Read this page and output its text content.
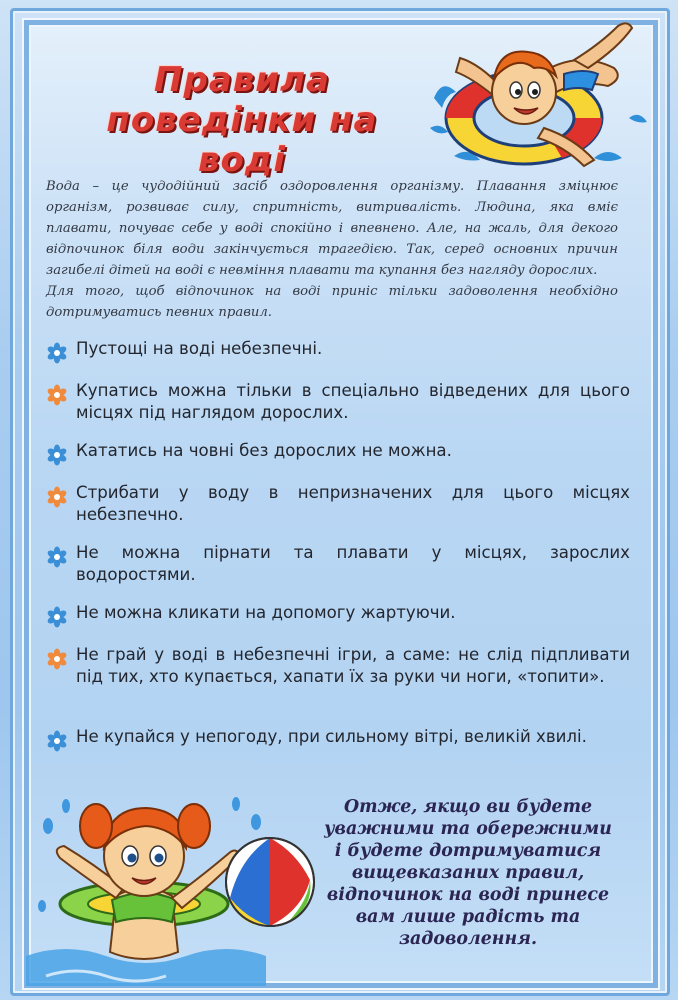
Правила
поведінки на воді

Вода – це чудодійний засіб оздоровлення організму. Плавання зміцнює організм, розвиває силу, спритність, витривалість. Людина, яка вміє плавати, почуває себе у воді спокійно і впевнено. Але, на жаль, для декого відпочинок біля води закінчується трагедією. Так, серед основних причин загибелі дітей на воді є невміння плавати та купання без нагляду дорослих.

Для того, щоб відпочинок на воді приніс тільки задоволення необхідно дотримуватись певних правил.

Пустощі на воді небезпечні.
Купатись можна тільки в спеціально відведених для цього місцях під наглядом дорослих.
Кататись на човні без дорослих не можна.
Стрибати у воду в непризначених для цього місцях небезпечно.
Не можна пірнати та плавати у місцях, зарослих водоростями.
Не можна кликати на допомогу жартуючи.
Не грай у воді в небезпечні ігри, а саме: не слід підпливати під тих, хто купається, хапати їх за руки чи ноги, «топити».
Не купайся у непогоду, при сильному вітрі, великій хвилі.
Отже, якщо ви будете уважними та обережними і будете дотримуватися вищевказаних правил, відпочинок на воді принесе вам лише радість та задоволення.
